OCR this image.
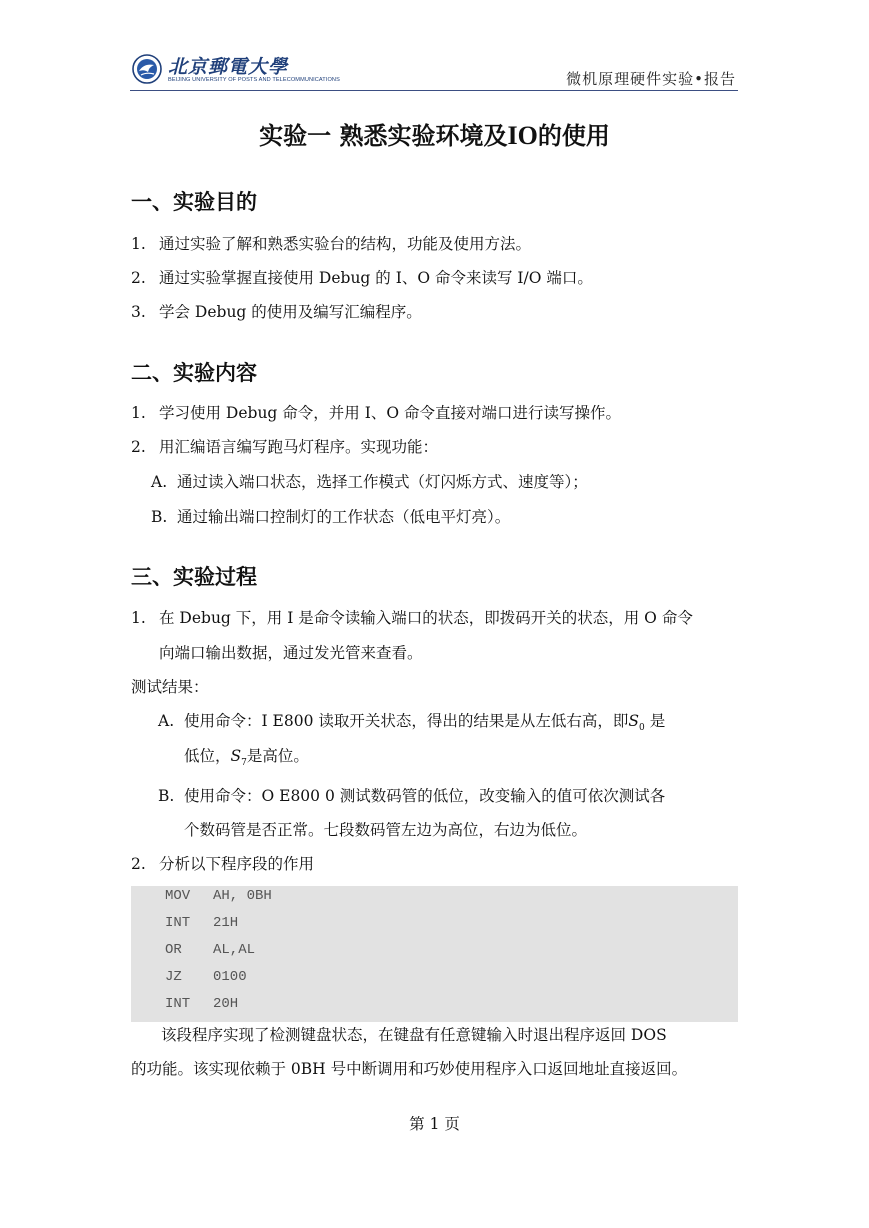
北京郵電大學
BEIJING UNIVERSITY OF POSTS AND TELECOMMUNICATIONS	微机原理硬件实验•报告
实验一 熟悉实验环境及IO的使用
一、实验目的
1. 通过实验了解和熟悉实验台的结构，功能及使用方法。
2. 通过实验掌握直接使用 Debug 的 I、O 命令来读写 I/O 端口。
3. 学会 Debug 的使用及编写汇编程序。
二、实验内容
1. 学习使用 Debug 命令，并用 I、O 命令直接对端口进行读写操作。
2. 用汇编语言编写跑马灯程序。实现功能：
A. 通过读入端口状态，选择工作模式（灯闪烁方式、速度等）；
B. 通过输出端口控制灯的工作状态（低电平灯亮）。
三、实验过程
1. 在 Debug 下，用 I 是命令读输入端口的状态，即拨码开关的状态，用 O 命令
向端口输出数据，通过发光管来查看。
测试结果：
A. 使用命令：I E800 读取开关状态，得出的结果是从左低右高，即$S_0$ 是
低位，$S_7$是高位。
B. 使用命令：O E800 0 测试数码管的低位，改变输入的值可依次测试各
个数码管是否正常。七段数码管左边为高位，右边为低位。
2. 分析以下程序段的作用
MOV AH, 0BH
INT 21H
OR AL,AL
JZ 0100
INT 20H
该段程序实现了检测键盘状态，在键盘有任意键输入时退出程序返回 DOS
的功能。该实现依赖于 0BH 号中断调用和巧妙使用程序入口返回地址直接返回。
第 1 页
